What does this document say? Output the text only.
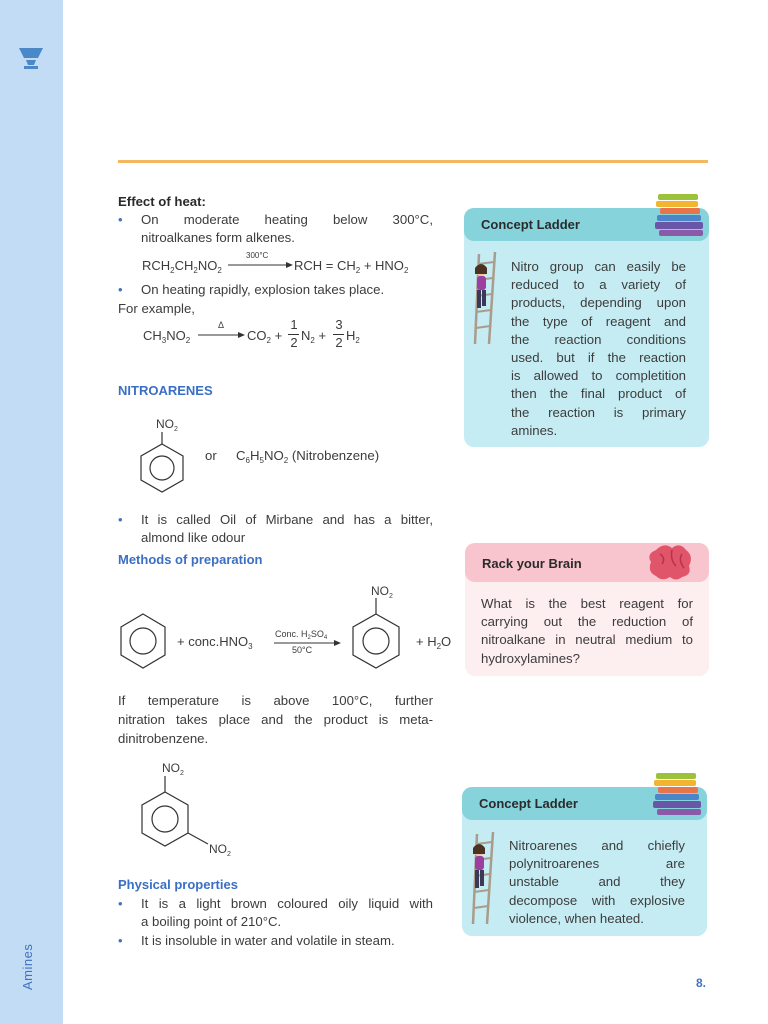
Amines
Effect of heat:
• On moderate heating below 300°C,
nitroalkanes form alkenes.
$RCH_2CH_2NO_2$
300°C
RCH = $CH_2 + HNO_2$
• On heating rapidly, explosion takes place.
For example,
$CH_3NO_2$
Δ
→ $CO_2$ +
1
2 $N_2$ +
3
2 $H_2$
NITROARENES
$NO_2$
or $C_6H_5NO_2$ (Nitrobenzene)
• It is called Oil of Mirbane and has a bitter,
almond like odour
Methods of preparation
+ $conc.HNO_3$
Conc. $H_2SO_4$
50°C
$NO_2$
+ $H_2O$
If temperature is above 100°C, further
nitration takes place and the product is meta-
dinitrobenzene.
$NO_2$
$NO_2$
Physical properties
• It is a light brown coloured oily liquid with
a boiling point of 210°C.
• It is insoluble in water and volatile in steam.
Concept Ladder
Nitro group can easily be
reduced to a variety of
products, depending upon
the type of reagent and
the reaction conditions
used. but if the reaction
is allowed to completition
then the final product of
the reaction is primary
amines.
Rack your Brain
What is the best reagent for
carrying out the reduction of
nitroalkane in neutral medium to
hydroxylamines?
Concept Ladder
Nitroarenes and chiefly
polynitroarenes are
unstable and they
decompose with explosive
violence, when heated.
8.
